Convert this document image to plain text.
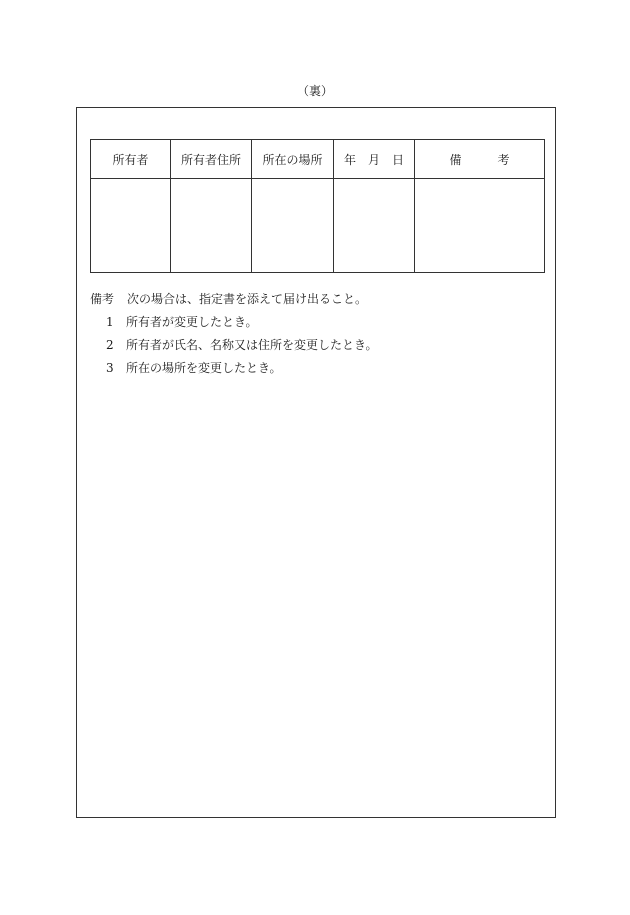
（裏）
所有者	所有者住所	所在の場所	年　月　日	備　　　考

備考 次の場合は、指定書を添えて届け出ること。
1	所有者が変更したとき。
2	所有者が氏名、名称又は住所を変更したとき。
3	所在の場所を変更したとき。
